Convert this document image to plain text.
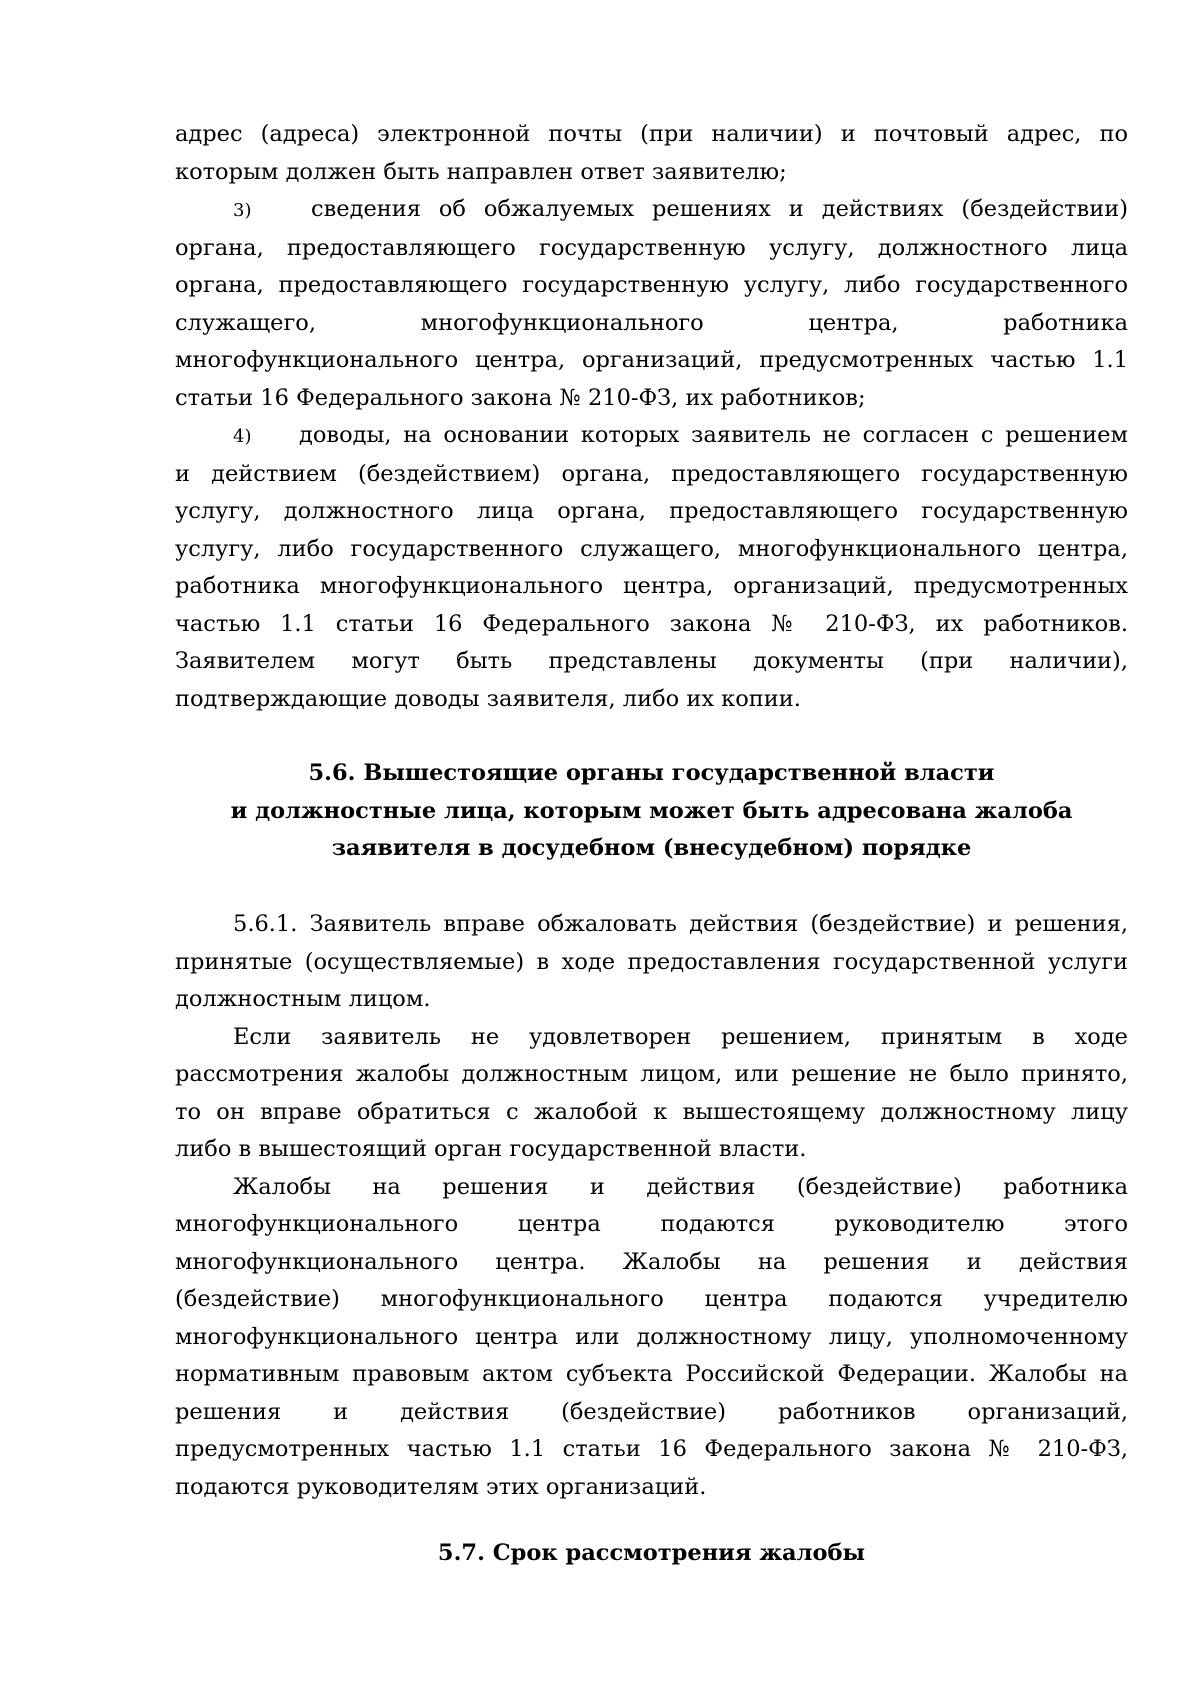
адрес (адреса) электронной почты (при наличии) и почтовый адрес, по

которым должен быть направлен ответ заявителю;

3)	сведения об обжалуемых решениях и действиях (бездействии)

органа, предоставляющего государственную услугу, должностного лица

органа, предоставляющего государственную услугу, либо государственного

служащего, многофункционального центра, работника

многофункционального центра, организаций, предусмотренных частью 1.1

статьи 16 Федерального закона № 210-ФЗ, их работников;

4) доводы, на основании которых заявитель не согласен с решением

и действием (бездействием) органа, предоставляющего государственную

услугу, должностного лица органа, предоставляющего государственную

услугу, либо государственного служащего, многофункционального центра,

работника многофункционального центра, организаций, предусмотренных

частью 1.1 статьи 16 Федерального закона № 210-ФЗ, их работников.

Заявителем могут быть представлены документы (при наличии),

подтверждающие доводы заявителя, либо их копии.

5.6. Вышестоящие органы государственной власти
и должностные лица, которым может быть адресована жалоба
заявителя в досудебном (внесудебном) порядке

5.6.1. Заявитель вправе обжаловать действия (бездействие) и решения,

принятые (осуществляемые) в ходе предоставления государственной услуги

должностным лицом.

Если заявитель не удовлетворен решением, принятым в ходе

рассмотрения жалобы должностным лицом, или решение не было принято,

то он вправе обратиться с жалобой к вышестоящему должностному лицу

либо в вышестоящий орган государственной власти.

Жалобы на решения и действия (бездействие) работника

многофункционального центра подаются руководителю этого

многофункционального центра. Жалобы на решения и действия

(бездействие) многофункционального центра подаются учредителю

многофункционального центра или должностному лицу, уполномоченному

нормативным правовым актом субъекта Российской Федерации. Жалобы на

решения и действия (бездействие) работников организаций,

предусмотренных частью 1.1 статьи 16 Федерального закона № 210-ФЗ,

подаются руководителям этих организаций.

5.7. Срок рассмотрения жалобы
